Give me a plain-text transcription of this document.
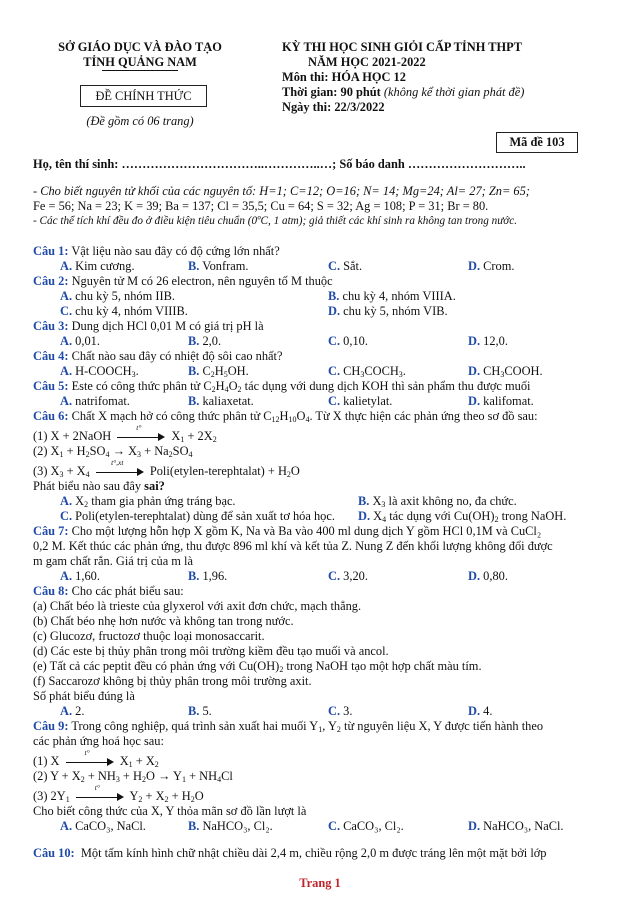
SỞ GIÁO DỤC VÀ ĐÀO TẠO
TỈNH QUẢNG NAM
ĐỀ CHÍNH THỨC
(Đề gồm có 06 trang)
KỲ THI HỌC SINH GIỎI CẤP TỈNH THPT
NĂM HỌC 2021-2022
Môn thi: HÓA HỌC 12
Thời gian: 90 phút (không kể thời gian phát đề)
Ngày thi: 22/3/2022
Mã đề 103
Họ, tên thí sinh: ……………………………..…………..…; Số báo danh ………………………..
- Cho biết nguyên tử khối của các nguyên tố: H=1; C=12; O=16; N= 14; Mg=24; Al= 27; Zn= 65;
Fe = 56; Na = 23; K = 39; Ba = 137; Cl = 35,5; Cu = 64; S = 32; Ag = 108; P = 31; Br = 80.
- Các thể tích khí đều đo ở điều kiện tiêu chuẩn (0ºC, 1 atm); giả thiết các khí sinh ra không tan trong nước.
Câu 1: Vật liệu nào sau đây có độ cứng lớn nhất?
A. Kim cương.	B. Vonfram.	C. Sắt.	D. Crom.
Câu 2: Nguyên tử M có 26 electron, nên nguyên tố M thuộc
A. chu kỳ 5, nhóm IIB.	B. chu kỳ 4, nhóm VIIIA.
C. chu kỳ 4, nhóm VIIIB.	D. chu kỳ 5, nhóm VIB.
Câu 3: Dung dịch HCl 0,01 M có giá trị pH là
A. 0,01.	B. 2,0.	C. 0,10.	D. 12,0.
Câu 4: Chất nào sau đây có nhiệt độ sôi cao nhất?
A. $H-COOCH_3$.	B. $C_2H_5OH$.	C. $CH_3COCH_3$.	D. $CH_3COOH$.
Câu 5: Este có công thức phân tử $C_2H_4O_2$ tác dụng với dung dịch KOH thì sản phẩm thu được muối
A. natrifomat.	B. kaliaxetat.	C. kalietylat.	D. kalifomat.
Câu 6: Chất X mạch hở có công thức phân tử $C_{12}H_{10}O_4$. Từ X thực hiện các phản ứng theo sơ đồ sau:
(1) X + 2NaOH
t°
$X_1 + 2X_2$
(2) $X_1 + H_2SO_4 \to X_3 + Na_2SO_4$
(3) $X_3 + X_4$
t°,xt
Poli(etylen-terephtalat) + $H_2O$
Phát biểu nào sau đây sai?
A. $X_2$ tham gia phản ứng tráng bạc.	B. $X_3$ là axit không no, đa chức.
C. Poli(etylen-terephtalat) dùng để sản xuất tơ hóa học. D. $X_4$ tác dụng với $Cu(OH)_2$ trong NaOH.
Câu 7: Cho một lượng hỗn hợp X gồm K, Na và Ba vào 400 ml dung dịch Y gồm HCl 0,1M và CuCl₂
0,2 M. Kết thúc các phản ứng, thu được 896 ml khí và kết tủa Z. Nung Z đến khối lượng không đổi được
m gam chất rắn. Giá trị của m là
A. 1,60.	B. 1,96.	C. 3,20.	D. 0,80.
Câu 8: Cho các phát biểu sau:
(a) Chất béo là trieste của glyxerol với axit đơn chức, mạch thẳng.
(b) Chất béo nhẹ hơn nước và không tan trong nước.
(c) Glucozơ, fructozơ thuộc loại monosaccarit.
(d) Các este bị thủy phân trong môi trường kiềm đều tạo muối và ancol.
(e) Tất cả các peptit đều có phản ứng với $Cu(OH)_2$ trong NaOH tạo một hợp chất màu tím.
(f) Saccarozơ không bị thủy phân trong môi trường axit.
Số phát biểu đúng là
A. 2.	B. 5.	C. 3.	D. 4.
Câu 9: Trong công nghiệp, quá trình sản xuất hai muối $Y_1$, $Y_2$ từ nguyên liệu X, Y được tiến hành theo
các phản ứng hoá học sau:
(1) X
t°
$X_1 + X_2$
(2) $Y + X_2 + NH_3 + H_2O \to Y_1 + NH_4Cl$
(3) $2Y_1$
t°
$Y_2 + X_2 + H_2O$
Cho biết công thức của X, Y thỏa mãn sơ đồ lần lượt là
A. CaCO₃, NaCl.	B. NaHCO₃, Cl₂.	C. CaCO₃, Cl₂.	D. NaHCO₃, NaCl.
Câu 10: Một tấm kính hình chữ nhật chiều dài 2,4 m, chiều rộng 2,0 m được tráng lên một mặt bởi lớp
Trang 1
